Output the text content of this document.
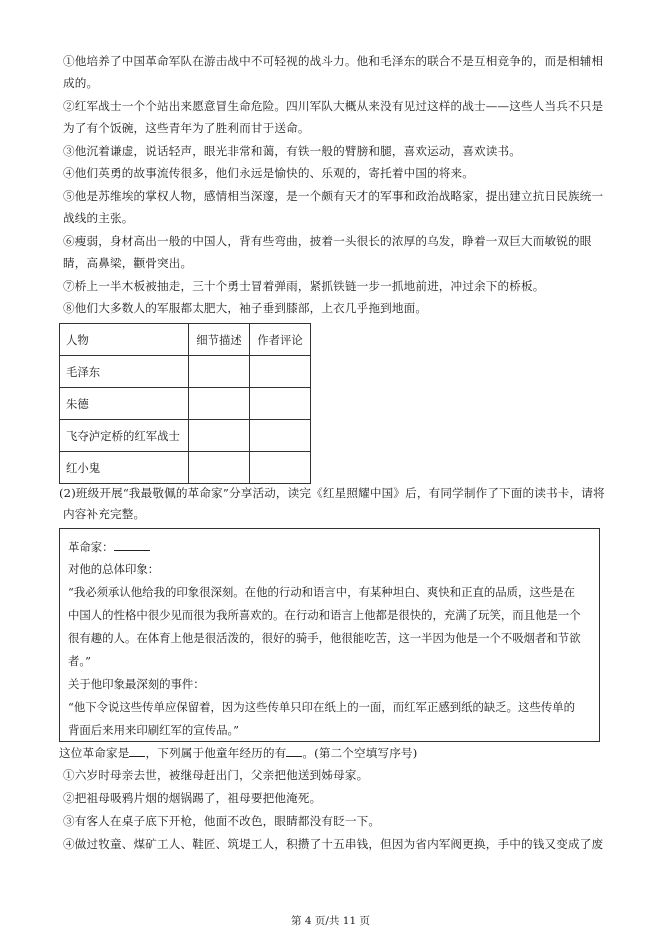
①他培养了中国革命军队在游击战中不可轻视的战斗力。他和毛泽东的联合不是互相竞争的，而是相辅相
成的。
②红军战士一个个站出来愿意冒生命危险。四川军队大概从来没有见过这样的战士——这些人当兵不只是
为了有个饭碗，这些青年为了胜利而甘于送命。
③他沉着谦虚，说话轻声，眼光非常和蔼，有铁一般的臂膀和腿，喜欢运动，喜欢读书。
④他们英勇的故事流传很多，他们永远是愉快的、乐观的，寄托着中国的将来。
⑤他是苏维埃的掌权人物，感情相当深邃，是一个颇有天才的军事和政治战略家，提出建立抗日民族统一
战线的主张。
⑥瘦弱，身材高出一般的中国人，背有些弯曲，披着一头很长的浓厚的乌发，睁着一双巨大而敏锐的眼
睛，高鼻梁，颧骨突出。
⑦桥上一半木板被抽走，三十个勇士冒着弹雨，紧抓铁链一步一抓地前进，冲过余下的桥板。
⑧他们大多数人的军服都太肥大，袖子垂到膝部，上衣几乎拖到地面。
人物	细节描述	作者评论
毛泽东		
朱德		
飞夺泸定桥的红军战士		
红小鬼		
(2)班级开展“我最敬佩的革命家”分享活动，读完《红星照耀中国》后，有同学制作了下面的读书卡，请将
内容补充完整。
革命家：
对他的总体印象：
“我必须承认他给我的印象很深刻。在他的行动和语言中，有某种坦白、爽快和正直的品质，这些是在
中国人的性格中很少见而很为我所喜欢的。在行动和语言上他都是很快的，充满了玩笑，而且他是一个
很有趣的人。在体育上他是很活泼的，很好的骑手，他很能吃苦，这一半因为他是一个不吸烟者和节欲
者。”
关于他印象最深刻的事件：
“他下令说这些传单应保留着，因为这些传单只印在纸上的一面，而红军正感到纸的缺乏。这些传单的
背面后来用来印刷红军的宣传品。”
这位革命家是 ，下列属于他童年经历的有 。(第二个空填写序号)
①六岁时母亲去世，被继母赶出门，父亲把他送到姊母家。
②把祖母吸鸦片烟的烟锅踢了，祖母要把他淹死。
③有客人在桌子底下开枪，他面不改色，眼睛都没有眨一下。
④做过牧童、煤矿工人、鞋匠、筑堤工人，积攒了十五串钱，但因为省内军阀更换，手中的钱又变成了废
第 4 页/共 11 页
